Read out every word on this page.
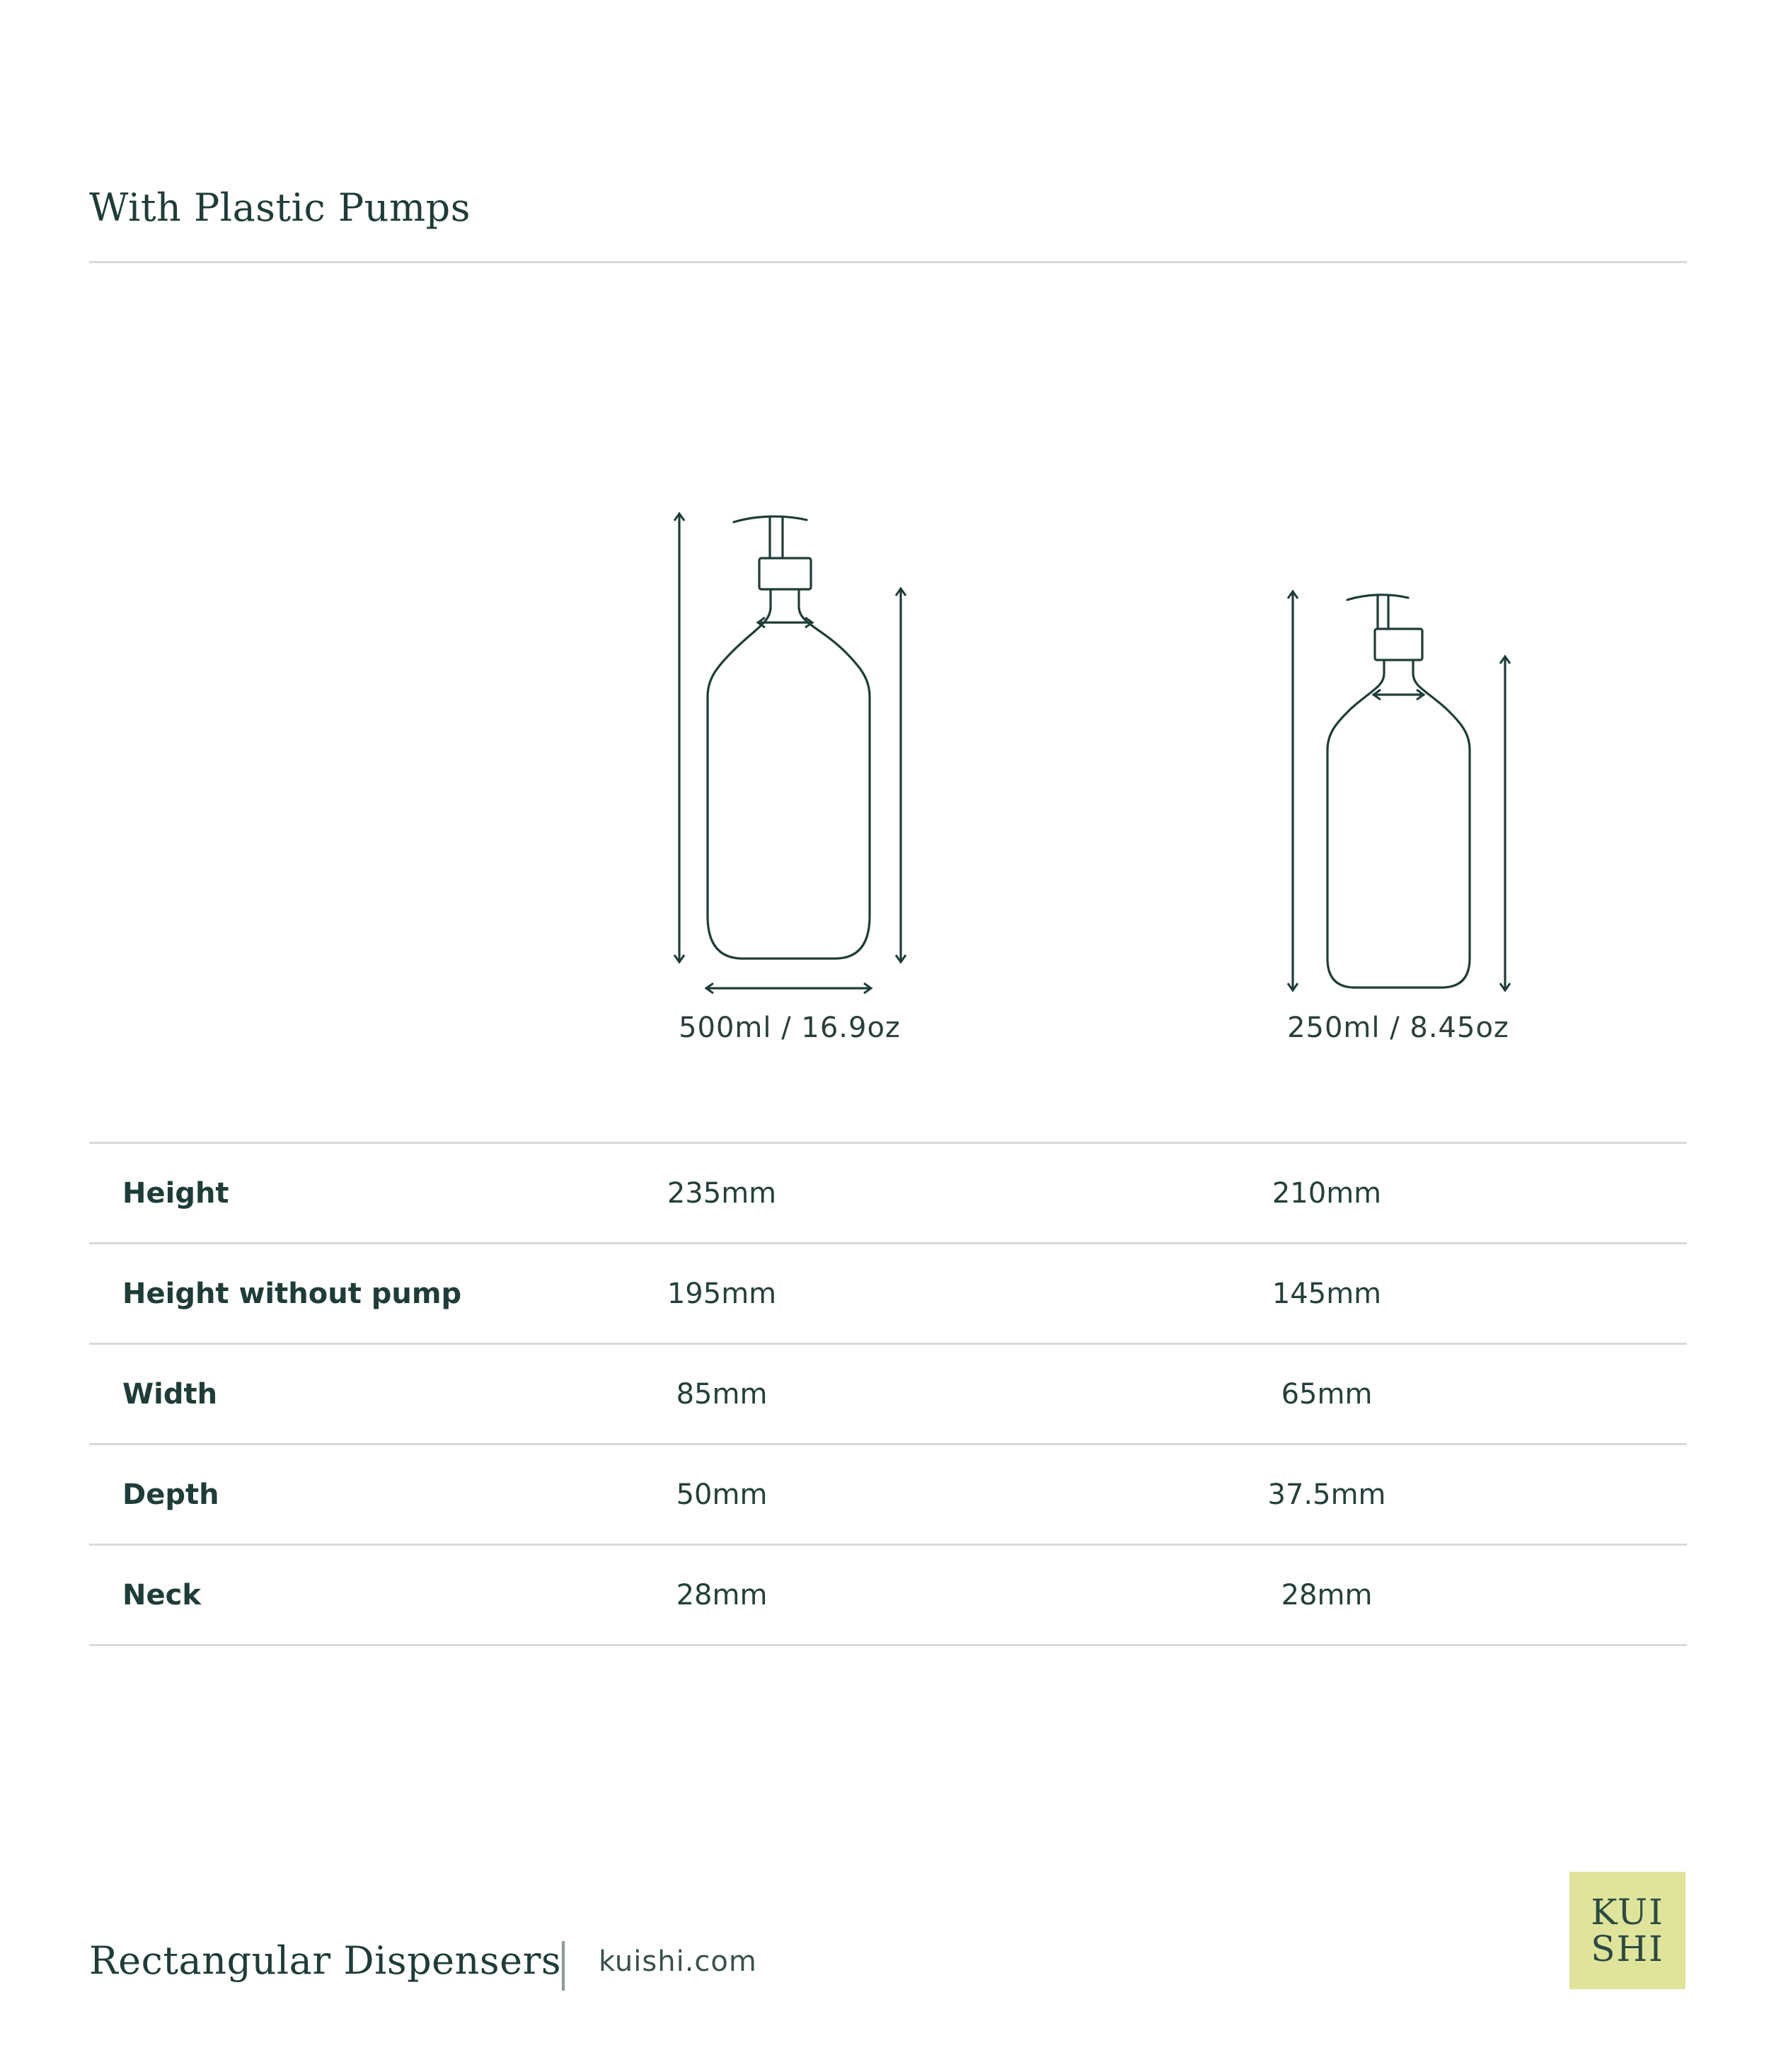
With Plastic Pumps
500ml / 16.9oz	250ml / 8.45oz
Height	235mm		210mm	
Height without pump	195mm		145mm	
Width	85mm		65mm	
Depth	50mm		37.5mm	
Neck	28mm		28mm	
Rectangular Dispensers kuishi.com
KUI
SHI
